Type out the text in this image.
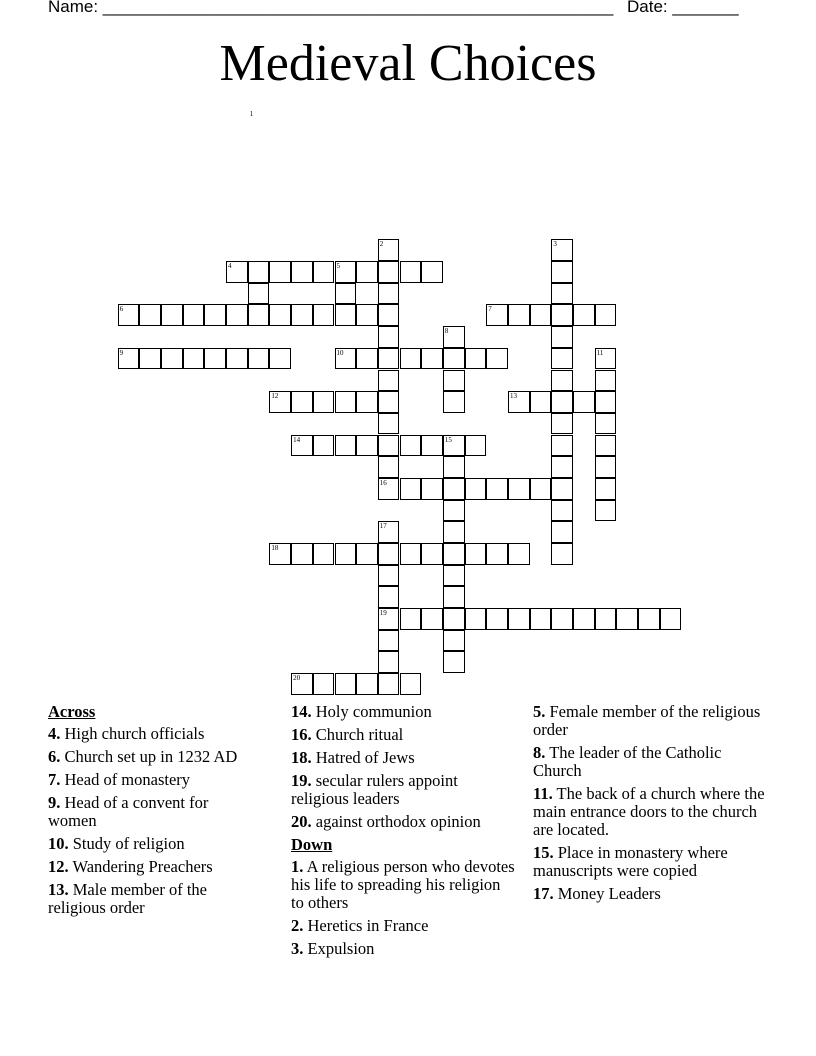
Name: ______________________________________________________ Date: _______
Medieval Choices
1
2	3
4	5
6	7
8
9	10	11
12	13
14	15
16
17
18
19
20
Across
4. High church officials
6. Church set up in 1232 AD
7. Head of monastery
9. Head of a convent for women
10. Study of religion
12. Wandering Preachers
13. Male member of the religious order
14. Holy communion
16. Church ritual
18. Hatred of Jews
19. secular rulers appoint religious leaders
20. against orthodox opinion
Down
1. A religious person who devotes his life to spreading his religion to others
2. Heretics in France
3. Expulsion
5. Female member of the religious order
8. The leader of the Catholic Church
11. The back of a church where the main entrance doors to the church are located.
15. Place in monastery where manuscripts were copied
17. Money Leaders
